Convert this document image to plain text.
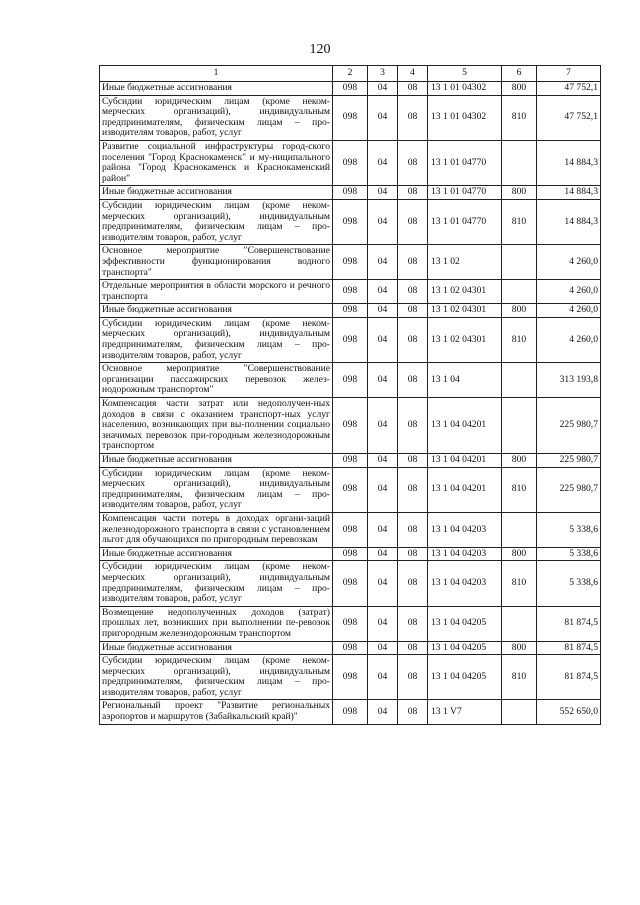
120
1	2	3	4	5	6	7
Иные бюджетные ассигнования	098	04	08	13 1 01 04302	800	47 752,1
Субсидии юридическим лицам (кроме неком-мерческих организаций), индивидуальным предпринимателям, физическим лицам – про-изводителям товаров, работ, услуг	098	04	08	13 1 01 04302	810	47 752,1
Развитие социальной инфраструктуры город-ского поселения "Город Краснокаменск" и му-ниципального района "Город Краснокаменск и Краснокаменский район"	098	04	08	13 1 01 04770		14 884,3
Иные бюджетные ассигнования	098	04	08	13 1 01 04770	800	14 884,3
Субсидии юридическим лицам (кроме неком-мерческих организаций), индивидуальным предпринимателям, физическим лицам – про-изводителям товаров, работ, услуг	098	04	08	13 1 01 04770	810	14 884,3
Основное мероприятие "Совершенствование эффективности функционирования водного транспорта"	098	04	08	13 1 02		4 260,0
Отдельные мероприятия в области морского и речного транспорта	098	04	08	13 1 02 04301		4 260,0
Иные бюджетные ассигнования	098	04	08	13 1 02 04301	800	4 260,0
Субсидии юридическим лицам (кроме неком-мерческих организаций), индивидуальным предпринимателям, физическим лицам – про-изводителям товаров, работ, услуг	098	04	08	13 1 02 04301	810	4 260,0
Основное мероприятие "Совершенствование организации пассажирских перевозок желез-нодорожным транспортом"	098	04	08	13 1 04		313 193,8
Компенсация части затрат или недополучен-ных доходов в связи с оказанием транспорт-ных услуг населению, возникающих при вы-полнении социально значимых перевозок при-городным железнодорожным транспортом	098	04	08	13 1 04 04201		225 980,7
Иные бюджетные ассигнования	098	04	08	13 1 04 04201	800	225 980,7
Субсидии юридическим лицам (кроме неком-мерческих организаций), индивидуальным предпринимателям, физическим лицам – про-изводителям товаров, работ, услуг	098	04	08	13 1 04 04201	810	225 980,7
Компенсация части потерь в доходах органи-заций железнодорожного транспорта в связи с установлением льгот для обучающихся по пригородным перевозкам	098	04	08	13 1 04 04203		5 338,6
Иные бюджетные ассигнования	098	04	08	13 1 04 04203	800	5 338,6
Субсидии юридическим лицам (кроме неком-мерческих организаций), индивидуальным предпринимателям, физическим лицам – про-изводителям товаров, работ, услуг	098	04	08	13 1 04 04203	810	5 338,6
Возмещение недополученных доходов (затрат) прошлых лет, возникших при выполнении пе-ревозок пригородным железнодорожным транспортом	098	04	08	13 1 04 04205		81 874,5
Иные бюджетные ассигнования	098	04	08	13 1 04 04205	800	81 874,5
Субсидии юридическим лицам (кроме неком-мерческих организаций), индивидуальным предпринимателям, физическим лицам – про-изводителям товаров, работ, услуг	098	04	08	13 1 04 04205	810	81 874,5
Региональный проект "Развитие региональных аэропортов и маршрутов (Забайкальский край)"	098	04	08	13 1 V7		552 650,0
